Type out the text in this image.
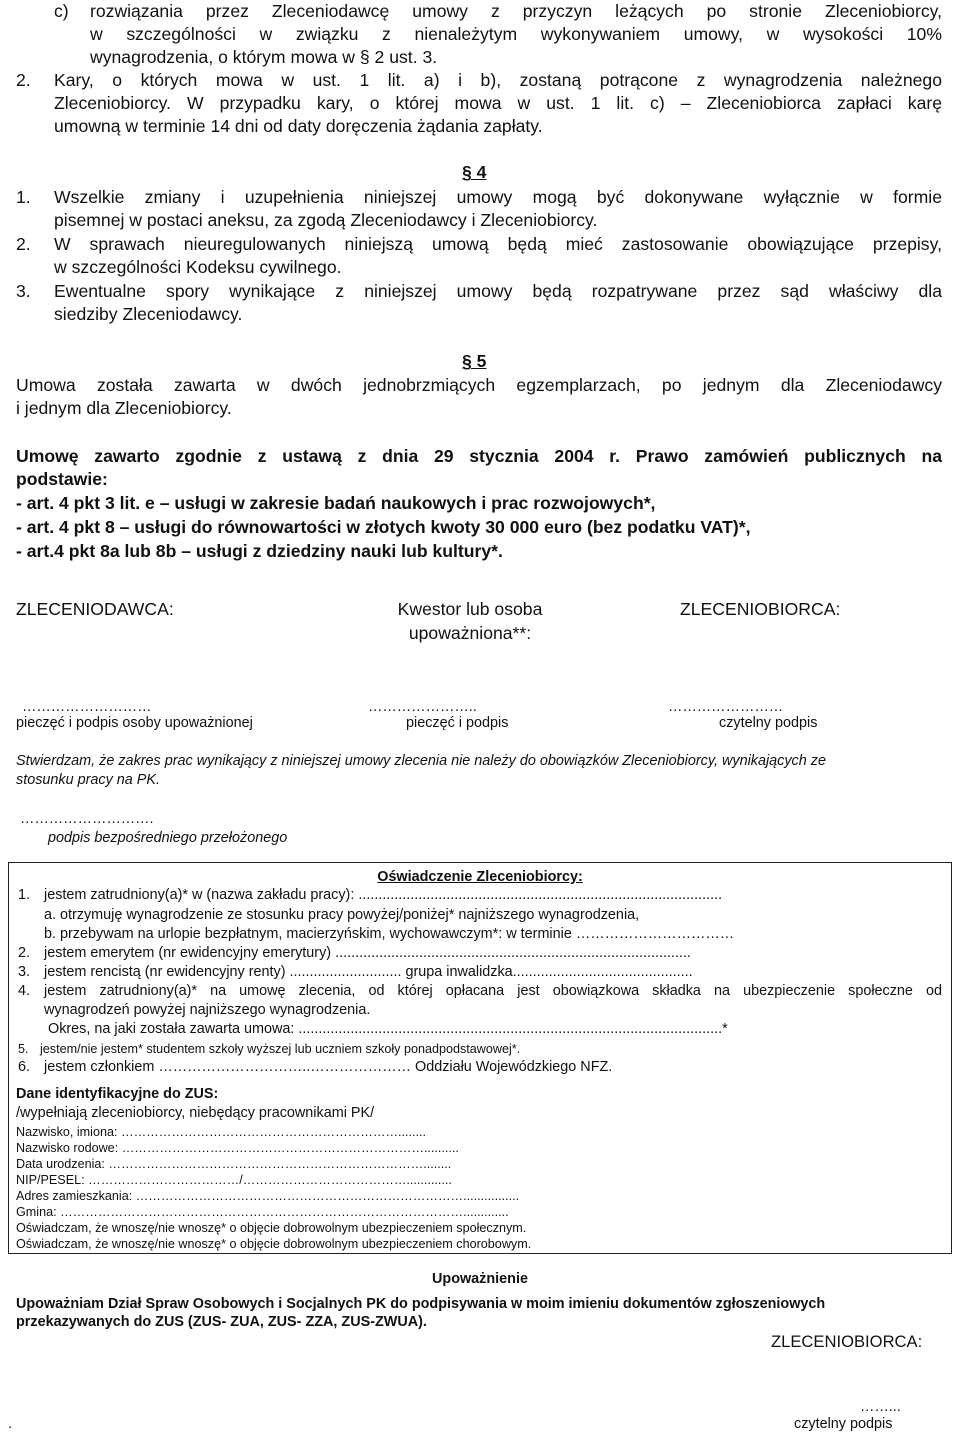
c) rozwiązania przez Zleceniodawcę umowy z przyczyn leżących po stronie Zleceniobiorcy,
w szczególności w związku z nienależytym wykonywaniem umowy, w wysokości 10%
wynagrodzenia, o którym mowa w § 2 ust. 3.
2. Kary, o których mowa w ust. 1 lit. a) i b), zostaną potrącone z wynagrodzenia należnego
Zleceniobiorcy. W przypadku kary, o której mowa w ust. 1 lit. c) – Zleceniobiorca zapłaci karę
umowną w terminie 14 dni od daty doręczenia żądania zapłaty.
§ 4
1. Wszelkie zmiany i uzupełnienia niniejszej umowy mogą być dokonywane wyłącznie w formie
pisemnej w postaci aneksu, za zgodą Zleceniodawcy i Zleceniobiorcy.
2. W sprawach nieuregulowanych niniejszą umową będą mieć zastosowanie obowiązujące przepisy,
w szczególności Kodeksu cywilnego.
3. Ewentualne spory wynikające z niniejszej umowy będą rozpatrywane przez sąd właściwy dla
siedziby Zleceniodawcy.
§ 5
Umowa została zawarta w dwóch jednobrzmiących egzemplarzach, po jednym dla Zleceniodawcy
i jednym dla Zleceniobiorcy.
Umowę zawarto zgodnie z ustawą z dnia 29 stycznia 2004 r. Prawo zamówień publicznych na
podstawie:
- art. 4 pkt 3 lit. e – usługi w zakresie badań naukowych i prac rozwojowych*,
- art. 4 pkt 8 – usługi do równowartości w złotych kwoty 30 000 euro (bez podatku VAT)*,
- art.4 pkt 8a lub 8b – usługi z dziedziny nauki lub kultury*.
ZLECENIODAWCA:	Kwestor lub osoba
upoważniona**:
ZLECENIOBIORCA:
………………………	…………………..	……………………
pieczęć i podpis osoby upoważnionej	pieczęć i podpis	czytelny podpis
Stwierdzam, że zakres prac wynikający z niniejszej umowy zlecenia nie należy do obowiązków Zleceniobiorcy, wynikających ze
stosunku pracy na PK.
……………………….
podpis bezpośredniego przełożonego
Oświadczenie Zleceniobiorcy:
1. jestem zatrudniony(a)* w (nazwa zakładu pracy): ...........................................................................................
a. otrzymuję wynagrodzenie ze stosunku pracy powyżej/poniżej* najniższego wynagrodzenia,
b. przebywam na urlopie bezpłatnym, macierzyńskim, wychowawczym*: w terminie ……………………………
2. jestem emerytem (nr ewidencyjny emerytury) .........................................................................................
3. jestem rencistą (nr ewidencyjny renty) ............................ grupa inwalidzka.............................................
4. jestem zatrudniony(a)* na umowę zlecenia, od której opłacana jest obowiązkowa składka na ubezpieczenie społeczne od
wynagrodzeń powyżej najniższego wynagrodzenia.
Okres, na jaki została zawarta umowa: ..........................................................................................................*
5. jestem/nie jestem* studentem szkoły wyższej lub uczniem szkoły ponadpodstawowej*.
6. jestem członkiem …………………………..………………… Oddziału Wojewódzkiego NFZ.
Dane identyfikacyjne do ZUS:
/wypełniają zleceniobiorcy, niebędący pracownikami PK/
Nazwisko, imiona: …………………………………………………………........
Nazwisko rodowe: ………………………………………………………………..........
Data urodzenia: …………………………………………………………………........
NIP/PESEL: ………………………………/………………………………….............
Adres zamieszkania: ……………………………………………………………………................
Gmina: …………………………………………………………………………………….............
Oświadczam, że wnoszę/nie wnoszę* o objęcie dobrowolnym ubezpieczeniem społecznym.
Oświadczam, że wnoszę/nie wnoszę* o objęcie dobrowolnym ubezpieczeniem chorobowym.
Upoważnienie
Upoważniam Dział Spraw Osobowych i Socjalnych PK do podpisywania w moim imieniu dokumentów zgłoszeniowych
przekazywanych do ZUS (ZUS- ZUA, ZUS- ZZA, ZUS-ZWUA).
ZLECENIOBIORCA:
.
……...
czytelny podpis
